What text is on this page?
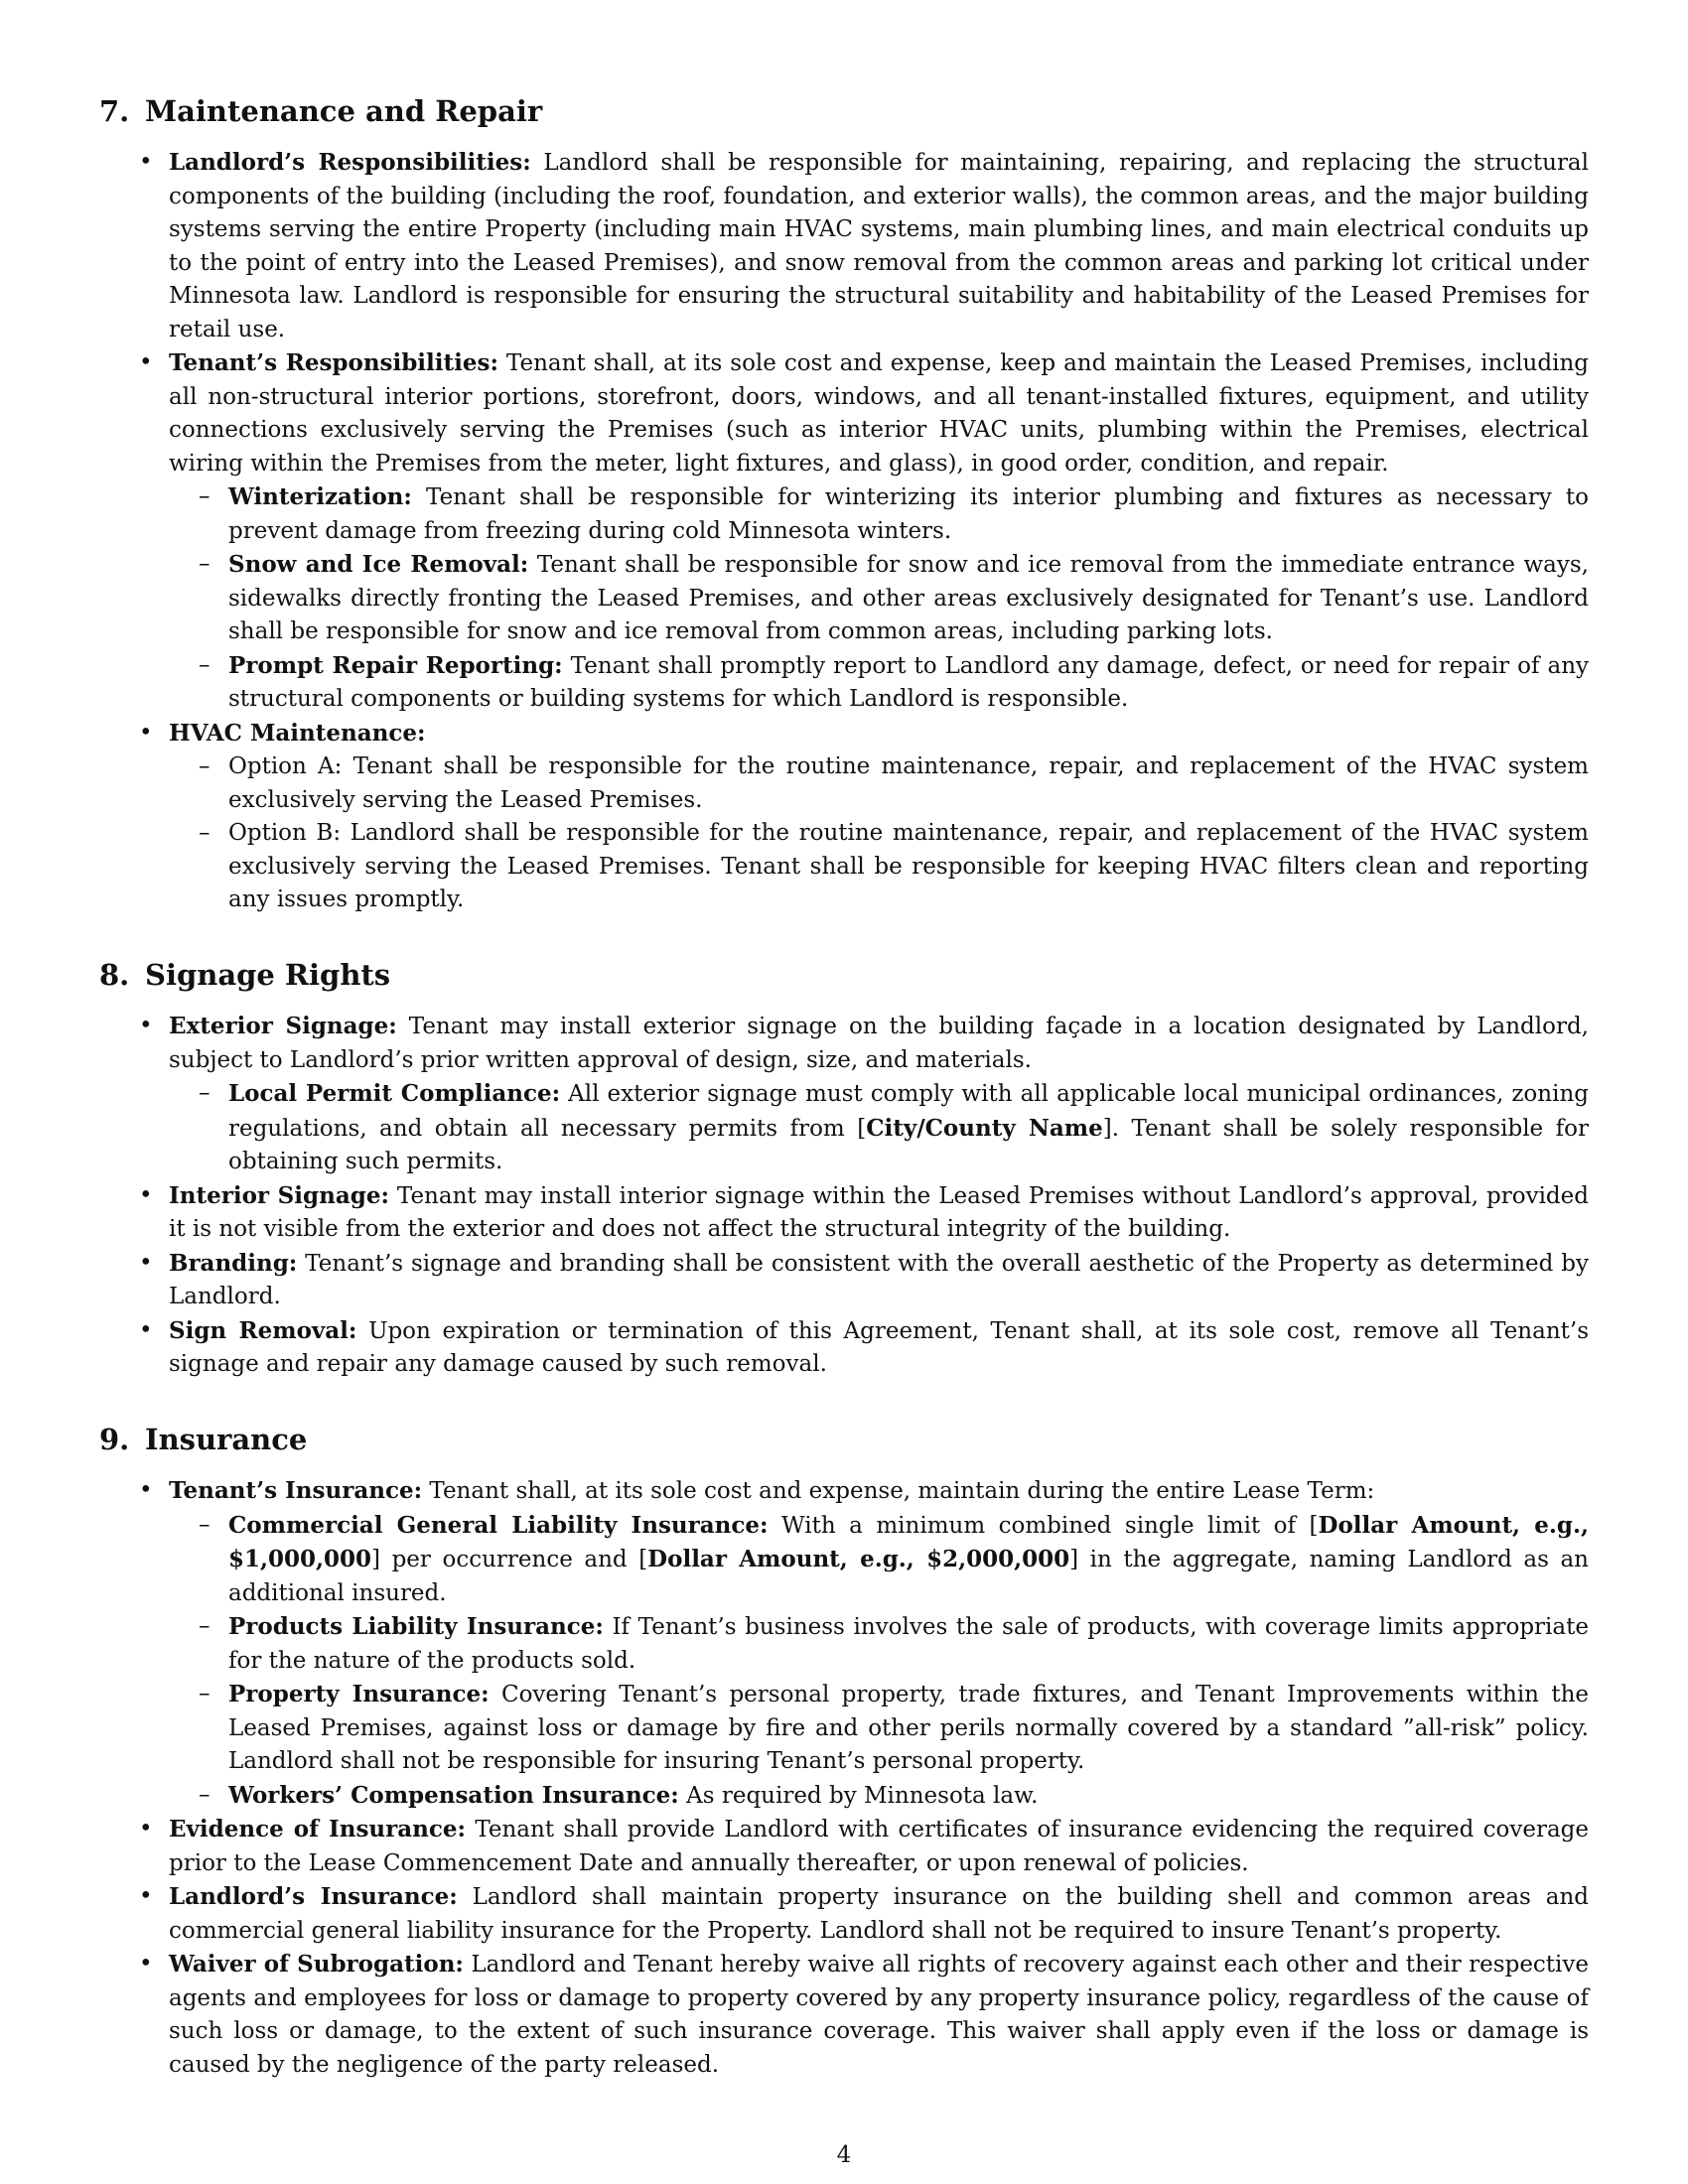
7. Maintenance and Repair
• Landlord’s Responsibilities: Landlord shall be responsible for maintaining, repairing, and replacing the structural components of the building (including the roof, foundation, and exterior walls), the common areas, and the major building systems serving the entire Property (including main HVAC systems, main plumbing lines, and main electrical conduits up to the point of entry into the Leased Premises), and snow removal from the common areas and parking lot critical under Minnesota law. Landlord is responsible for ensuring the structural suitability and habitability of the Leased Premises for retail use.
• Tenant’s Responsibilities: Tenant shall, at its sole cost and expense, keep and maintain the Leased Premises, including all non-structural interior portions, storefront, doors, windows, and all tenant-installed fixtures, equipment, and utility connections exclusively serving the Premises (such as interior HVAC units, plumbing within the Premises, electrical wiring within the Premises from the meter, light fixtures, and glass), in good order, condition, and repair.
– Winterization: Tenant shall be responsible for winterizing its interior plumbing and fixtures as necessary to prevent damage from freezing during cold Minnesota winters.
– Snow and Ice Removal: Tenant shall be responsible for snow and ice removal from the immediate entrance ways, sidewalks directly fronting the Leased Premises, and other areas exclusively designated for Tenant’s use. Landlord shall be responsible for snow and ice removal from common areas, including parking lots.
– Prompt Repair Reporting: Tenant shall promptly report to Landlord any damage, defect, or need for repair of any structural components or building systems for which Landlord is responsible.
• HVAC Maintenance:
– Option A: Tenant shall be responsible for the routine maintenance, repair, and replacement of the HVAC system exclusively serving the Leased Premises.
– Option B: Landlord shall be responsible for the routine maintenance, repair, and replacement of the HVAC system exclusively serving the Leased Premises. Tenant shall be responsible for keeping HVAC filters clean and reporting any issues promptly.
8. Signage Rights
• Exterior Signage: Tenant may install exterior signage on the building façade in a location designated by Landlord, subject to Landlord’s prior written approval of design, size, and materials.
– Local Permit Compliance: All exterior signage must comply with all applicable local municipal ordinances, zoning regulations, and obtain all necessary permits from [City/County Name]. Tenant shall be solely responsible for obtaining such permits.
• Interior Signage: Tenant may install interior signage within the Leased Premises without Landlord’s approval, provided it is not visible from the exterior and does not affect the structural integrity of the building.
• Branding: Tenant’s signage and branding shall be consistent with the overall aesthetic of the Property as determined by Landlord.
• Sign Removal: Upon expiration or termination of this Agreement, Tenant shall, at its sole cost, remove all Tenant’s signage and repair any damage caused by such removal.
9. Insurance
• Tenant’s Insurance: Tenant shall, at its sole cost and expense, maintain during the entire Lease Term:
– Commercial General Liability Insurance: With a minimum combined single limit of [Dollar Amount, e.g., $1,000,000] per occurrence and [Dollar Amount, e.g., $2,000,000] in the aggregate, naming Landlord as an additional insured.
– Products Liability Insurance: If Tenant’s business involves the sale of products, with coverage limits appropriate for the nature of the products sold.
– Property Insurance: Covering Tenant’s personal property, trade fixtures, and Tenant Improvements within the Leased Premises, against loss or damage by fire and other perils normally covered by a standard ”all-risk” policy. Landlord shall not be responsible for insuring Tenant’s personal property.
– Workers’ Compensation Insurance: As required by Minnesota law.
• Evidence of Insurance: Tenant shall provide Landlord with certificates of insurance evidencing the required coverage prior to the Lease Commencement Date and annually thereafter, or upon renewal of policies.
• Landlord’s Insurance: Landlord shall maintain property insurance on the building shell and common areas and commercial general liability insurance for the Property. Landlord shall not be required to insure Tenant’s property.
• Waiver of Subrogation: Landlord and Tenant hereby waive all rights of recovery against each other and their respective agents and employees for loss or damage to property covered by any property insurance policy, regardless of the cause of such loss or damage, to the extent of such insurance coverage. This waiver shall apply even if the loss or damage is caused by the negligence of the party released.
4
